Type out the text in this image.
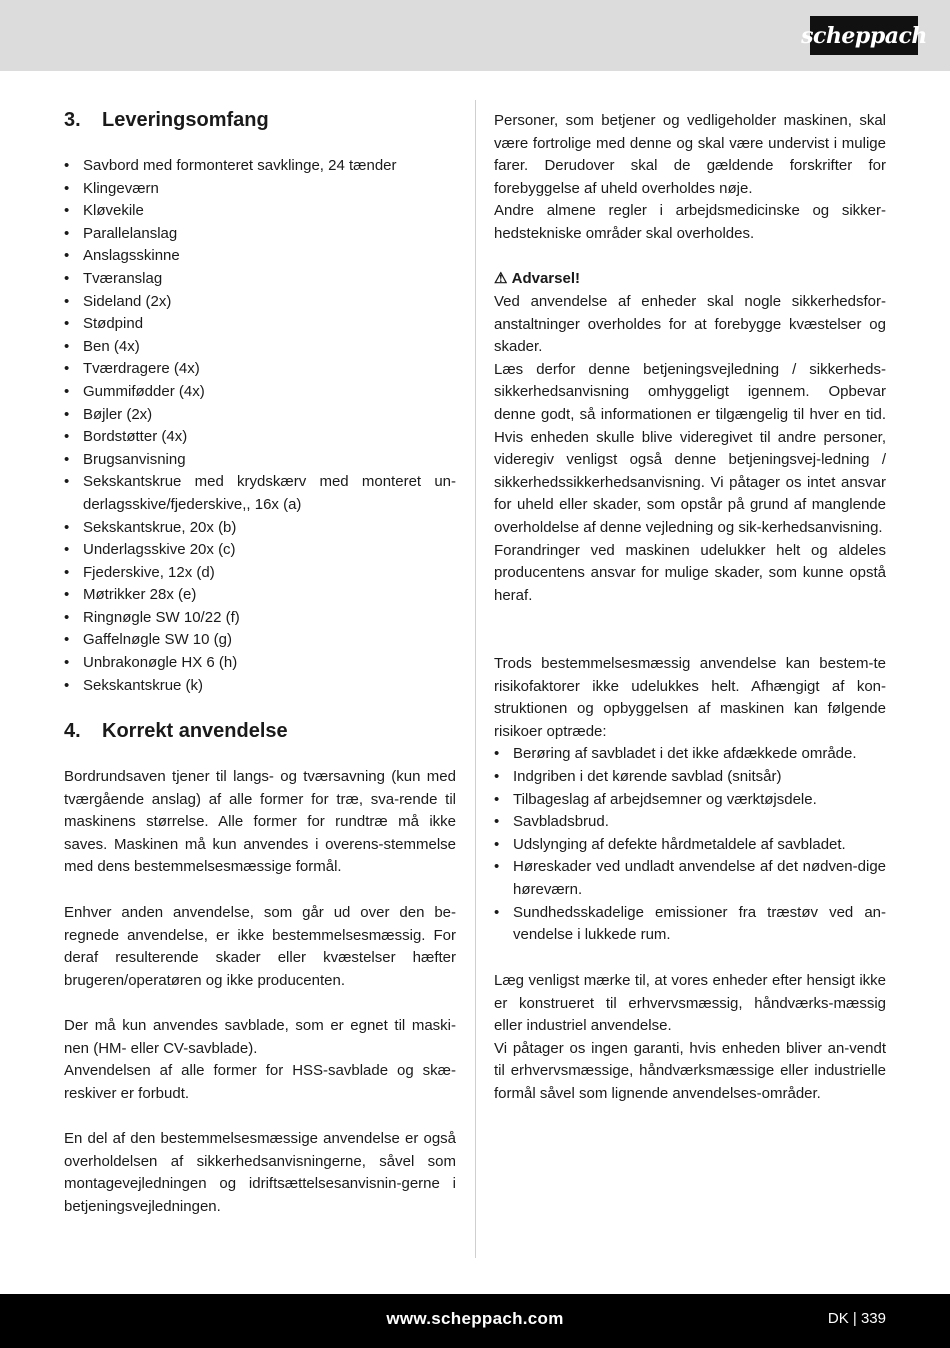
scheppach
3. Leveringsomfang
• Savbord med formonteret savklinge, 24 tænder
• Klingeværn
• Kløvekile
• Parallelanslag
• Anslagsskinne
• Tværanslag
• Sideland (2x)
• Stødpind
• Ben (4x)
• Tværdragere (4x)
• Gummifødder (4x)
• Bøjler (2x)
• Bordstøtter (4x)
• Brugsanvisning
• Sekskantskrue med krydskærv med monteret un-derlagsskive/fjederskive,, 16x (a)
• Sekskantskrue, 20x (b)
• Underlagsskive 20x (c)
• Fjederskive, 12x (d)
• Møtrikker 28x (e)
• Ringnøgle SW 10/22 (f)
• Gaffelnøgle SW 10 (g)
• Unbrakonøgle HX 6 (h)
• Sekskantskrue (k)
4. Korrekt anvendelse

Bordrundsaven tjener til langs- og tværsavning (kun med tværgående anslag) af alle former for træ, sva-rende til maskinens størrelse. Alle former for rundtræ må ikke saves. Maskinen må kun anvendes i overens-stemmelse med dens bestemmelsesmæssige formål.

Enhver anden anvendelse, som går ud over den be-regnede anvendelse, er ikke bestemmelsesmæssig. For deraf resulterende skader eller kvæstelser hæfter brugeren/operatøren og ikke producenten.

Der må kun anvendes savblade, som er egnet til maski-nen (HM- eller CV-savblade).

Anvendelsen af alle former for HSS-savblade og skæ-reskiver er forbudt.

En del af den bestemmelsesmæssige anvendelse er også overholdelsen af sikkerhedsanvisningerne, såvel som montagevejledningen og idriftsættelsesanvisnin-gerne i betjeningsvejledningen.

Personer, som betjener og vedligeholder maskinen, skal være fortrolige med denne og skal være undervist i mulige farer. Derudover skal de gældende forskrifter for forebyggelse af uheld overholdes nøje.

Andre almene regler i arbejdsmedicinske og sikker-hedstekniske områder skal overholdes.

⚠ Advarsel!

Ved anvendelse af enheder skal nogle sikkerhedsfor-anstaltninger overholdes for at forebygge kvæstelser og skader.

Læs derfor denne betjeningsvejledning / sikkerheds-sikkerhedsanvisning omhyggeligt igennem. Opbevar denne godt, så informationen er tilgængelig til hver en tid. Hvis enheden skulle blive videregivet til andre personer, videregiv venligst også denne betjeningsvej-ledning / sikkerhedssikkerhedsanvisning. Vi påtager os intet ansvar for uheld eller skader, som opstår på grund af manglende overholdelse af denne vejledning og sik-kerhedsanvisning.

Forandringer ved maskinen udelukker helt og aldeles producentens ansvar for mulige skader, som kunne opstå heraf.

Trods bestemmelsesmæssig anvendelse kan bestem-te risikofaktorer ikke udelukkes helt. Afhængigt af kon-struktionen og opbyggelsen af maskinen kan følgende risikoer optræde:

• Berøring af savbladet i det ikke afdækkede område.
• Indgriben i det kørende savblad (snitsår)
• Tilbageslag af arbejdsemner og værktøjsdele.
• Savbladsbrud.
• Udslynging af defekte hårdmetaldele af savbladet.
• Høreskader ved undladt anvendelse af det nødven-dige høreværn.
• Sundhedsskadelige emissioner fra træstøv ved an-vendelse i lukkede rum.

Læg venligst mærke til, at vores enheder efter hensigt ikke er konstrueret til erhvervsmæssig, håndværks-mæssig eller industriel anvendelse.

Vi påtager os ingen garanti, hvis enheden bliver an-vendt til erhvervsmæssige, håndværksmæssige eller industrielle formål såvel som lignende anvendelses-områder.

www.scheppach.com	DK | 339
